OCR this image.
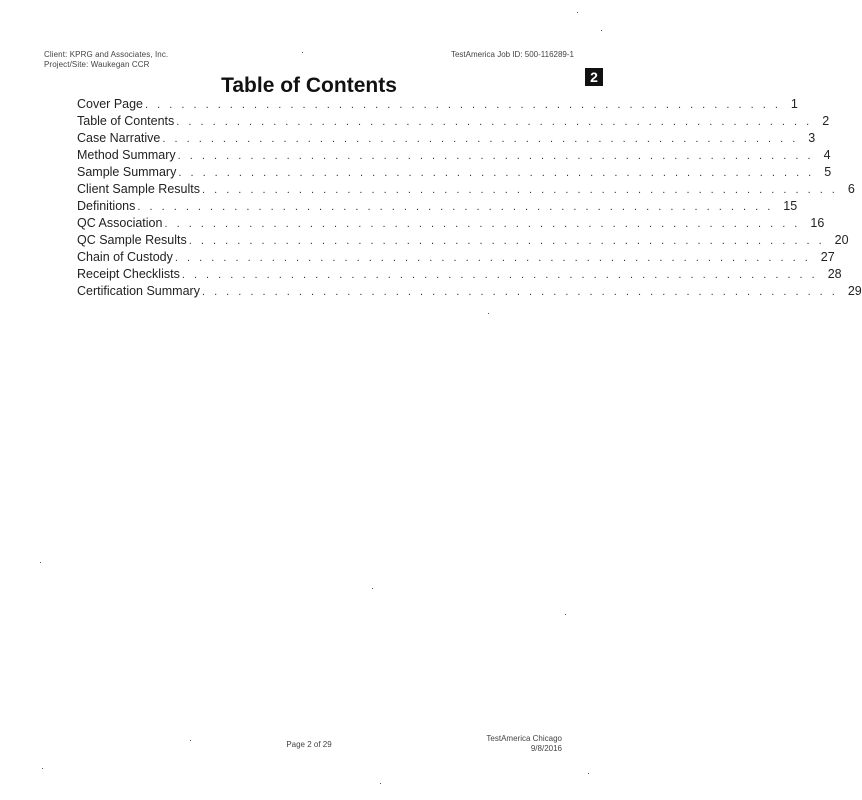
Client: KPRG and Associates, Inc.
Project/Site: Waukegan CCR
TestAmerica Job ID: 500-116289-1
2
Table of Contents
Cover Page . . . . . . . . . . . . . . . . . . . . . . . . . . . . . . . . . . . . . . . . . . . . . . . . . . . . . 1
Table of Contents . . . . . . . . . . . . . . . . . . . . . . . . . . . . . . . . . . . . . . . . . . . . . . . . . . . . . 2
Case Narrative . . . . . . . . . . . . . . . . . . . . . . . . . . . . . . . . . . . . . . . . . . . . . . . . . . . . . 3
Method Summary . . . . . . . . . . . . . . . . . . . . . . . . . . . . . . . . . . . . . . . . . . . . . . . . . . . . . 4
Sample Summary . . . . . . . . . . . . . . . . . . . . . . . . . . . . . . . . . . . . . . . . . . . . . . . . . . . . . 5
Client Sample Results . . . . . . . . . . . . . . . . . . . . . . . . . . . . . . . . . . . . . . . . . . . . . . . . . . . . . 6
Definitions . . . . . . . . . . . . . . . . . . . . . . . . . . . . . . . . . . . . . . . . . . . . . . . . . . . . . 15
QC Association . . . . . . . . . . . . . . . . . . . . . . . . . . . . . . . . . . . . . . . . . . . . . . . . . . . . . 16
QC Sample Results . . . . . . . . . . . . . . . . . . . . . . . . . . . . . . . . . . . . . . . . . . . . . . . . . . . . . 20
Chain of Custody . . . . . . . . . . . . . . . . . . . . . . . . . . . . . . . . . . . . . . . . . . . . . . . . . . . . . 27
Receipt Checklists . . . . . . . . . . . . . . . . . . . . . . . . . . . . . . . . . . . . . . . . . . . . . . . . . . . . . 28
Certification Summary . . . . . . . . . . . . . . . . . . . . . . . . . . . . . . . . . . . . . . . . . . . . . . . . . . . . . 29
Page 2 of 29
TestAmerica Chicago
9/8/2016
